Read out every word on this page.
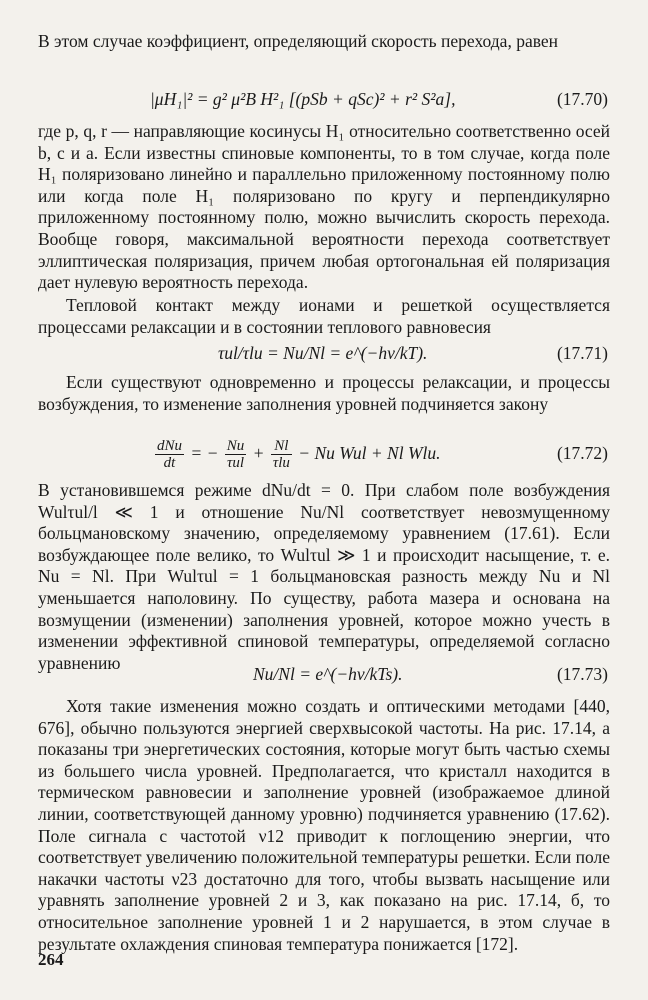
В этом случае коэффициент, определяющий скорость перехода, равен

|μH₁|² = g² μ²B H²₁ [(pSb + qSc)² + r² S²a],	(17.70)

где p, q, r — направляющие косинусы H₁ относительно соответственно осей b, c и a. Если известны спиновые компоненты, то в том случае, когда поле H₁ поляризовано линейно и параллельно приложенному постоянному полю или когда поле H₁ поляризовано по кругу и перпендикулярно приложенному постоянному полю, можно вычислить скорость перехода. Вообще говоря, максимальной вероятности перехода соответствует эллиптическая поляризация, причем любая ортогональная ей поляризация дает нулевую вероятность перехода.

Тепловой контакт между ионами и решеткой осуществляется процессами релаксации и в состоянии теплового равновесия

τul/τlu = Nu/Nl = e^(−hν/kT).	(17.71)

Если существуют одновременно и процессы релаксации, и процессы возбуждения, то изменение заполнения уровней подчиняется закону

$\frac{\text{dNu}}{dt}$ = − $\frac{Nu}{\text{τul}} + \frac{Nl}{\text{τlu}} - Nu$ Wul + Nl Wlu.	(17.72)

В установившемся режиме dNu/dt = 0. При слабом поле возбуждения Wulτul/l ≪ 1 и отношение Nu/Nl соответствует невозмущенному больцмановскому значению, определяемому уравнением (17.61). Если возбуждающее поле велико, то Wulτul ≫ 1 и происходит насыщение, т. е. Nu = Nl. При Wulτul = 1 больцмановская разность между Nu и Nl уменьшается наполовину. По существу, работа мазера и основана на возмущении (изменении) заполнения уровней, которое можно учесть в изменении эффективной спиновой температуры, определяемой согласно уравнению

Nu/Nl = e^(−hν/kTs).	(17.73)

Хотя такие изменения можно создать и оптическими методами [440, 676], обычно пользуются энергией сверхвысокой частоты. На рис. 17.14, а показаны три энергетических состояния, которые могут быть частью схемы из большего числа уровней. Предполагается, что кристалл находится в термическом равновесии и заполнение уровней (изображаемое длиной линии, соответствующей данному уровню) подчиняется уравнению (17.62). Поле сигнала с частотой ν12 приводит к поглощению энергии, что соответствует увеличению положительной температуры решетки. Если поле накачки частоты ν23 достаточно для того, чтобы вызвать насыщение или уравнять заполнение уровней 2 и 3, как показано на рис. 17.14, б, то относительное заполнение уровней 1 и 2 нарушается, в этом случае в результате охлаждения спиновая температура понижается [172].

264
